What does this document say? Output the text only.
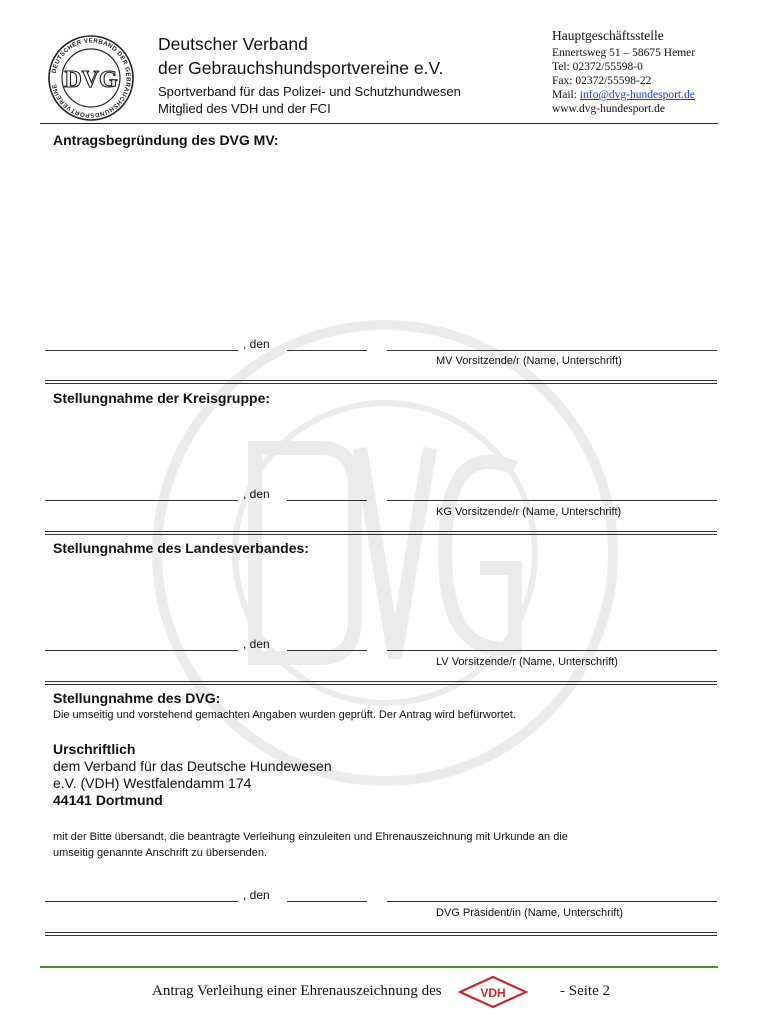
DEUTSCHER VERBAND DER GEBRAUCHSHUNDSPORTVEREINE DVG
Deutscher Verband
der Gebrauchshundsportvereine e.V.
Sportverband für das Polizei- und Schutzhundwesen
Mitglied des VDH und der FCI
Hauptgeschäftsstelle
Ennertsweg 51 – 58675 Hemer
Tel: 02372/55598-0
Fax: 02372/55598-22
Mail: info@dvg-hundesport.de
www.dvg-hundesport.de
Antragsbegründung des DVG MV:
, den
MV Vorsitzende/r (Name, Unterschrift)
Stellungnahme der Kreisgruppe:
, den
KG Vorsitzende/r (Name, Unterschrift)
Stellungnahme des Landesverbandes:
, den
LV Vorsitzende/r (Name, Unterschrift)
Stellungnahme des DVG:
Die umseitig und vorstehend gemachten Angaben wurden geprüft. Der Antrag wird befürwortet.
Urschriftlich
dem Verband für das Deutsche Hundewesen
e.V. (VDH) Westfalendamm 174
44141 Dortmund
mit der Bitte übersandt, die beantragte Verleihung einzuleiten und Ehrenauszeichnung mit Urkunde an die
umseitig genannte Anschrift zu übersenden.
, den
DVG Präsident/in (Name, Unterschrift)
Antrag Verleihung einer Ehrenauszeichnung des	VDH	- Seite 2
